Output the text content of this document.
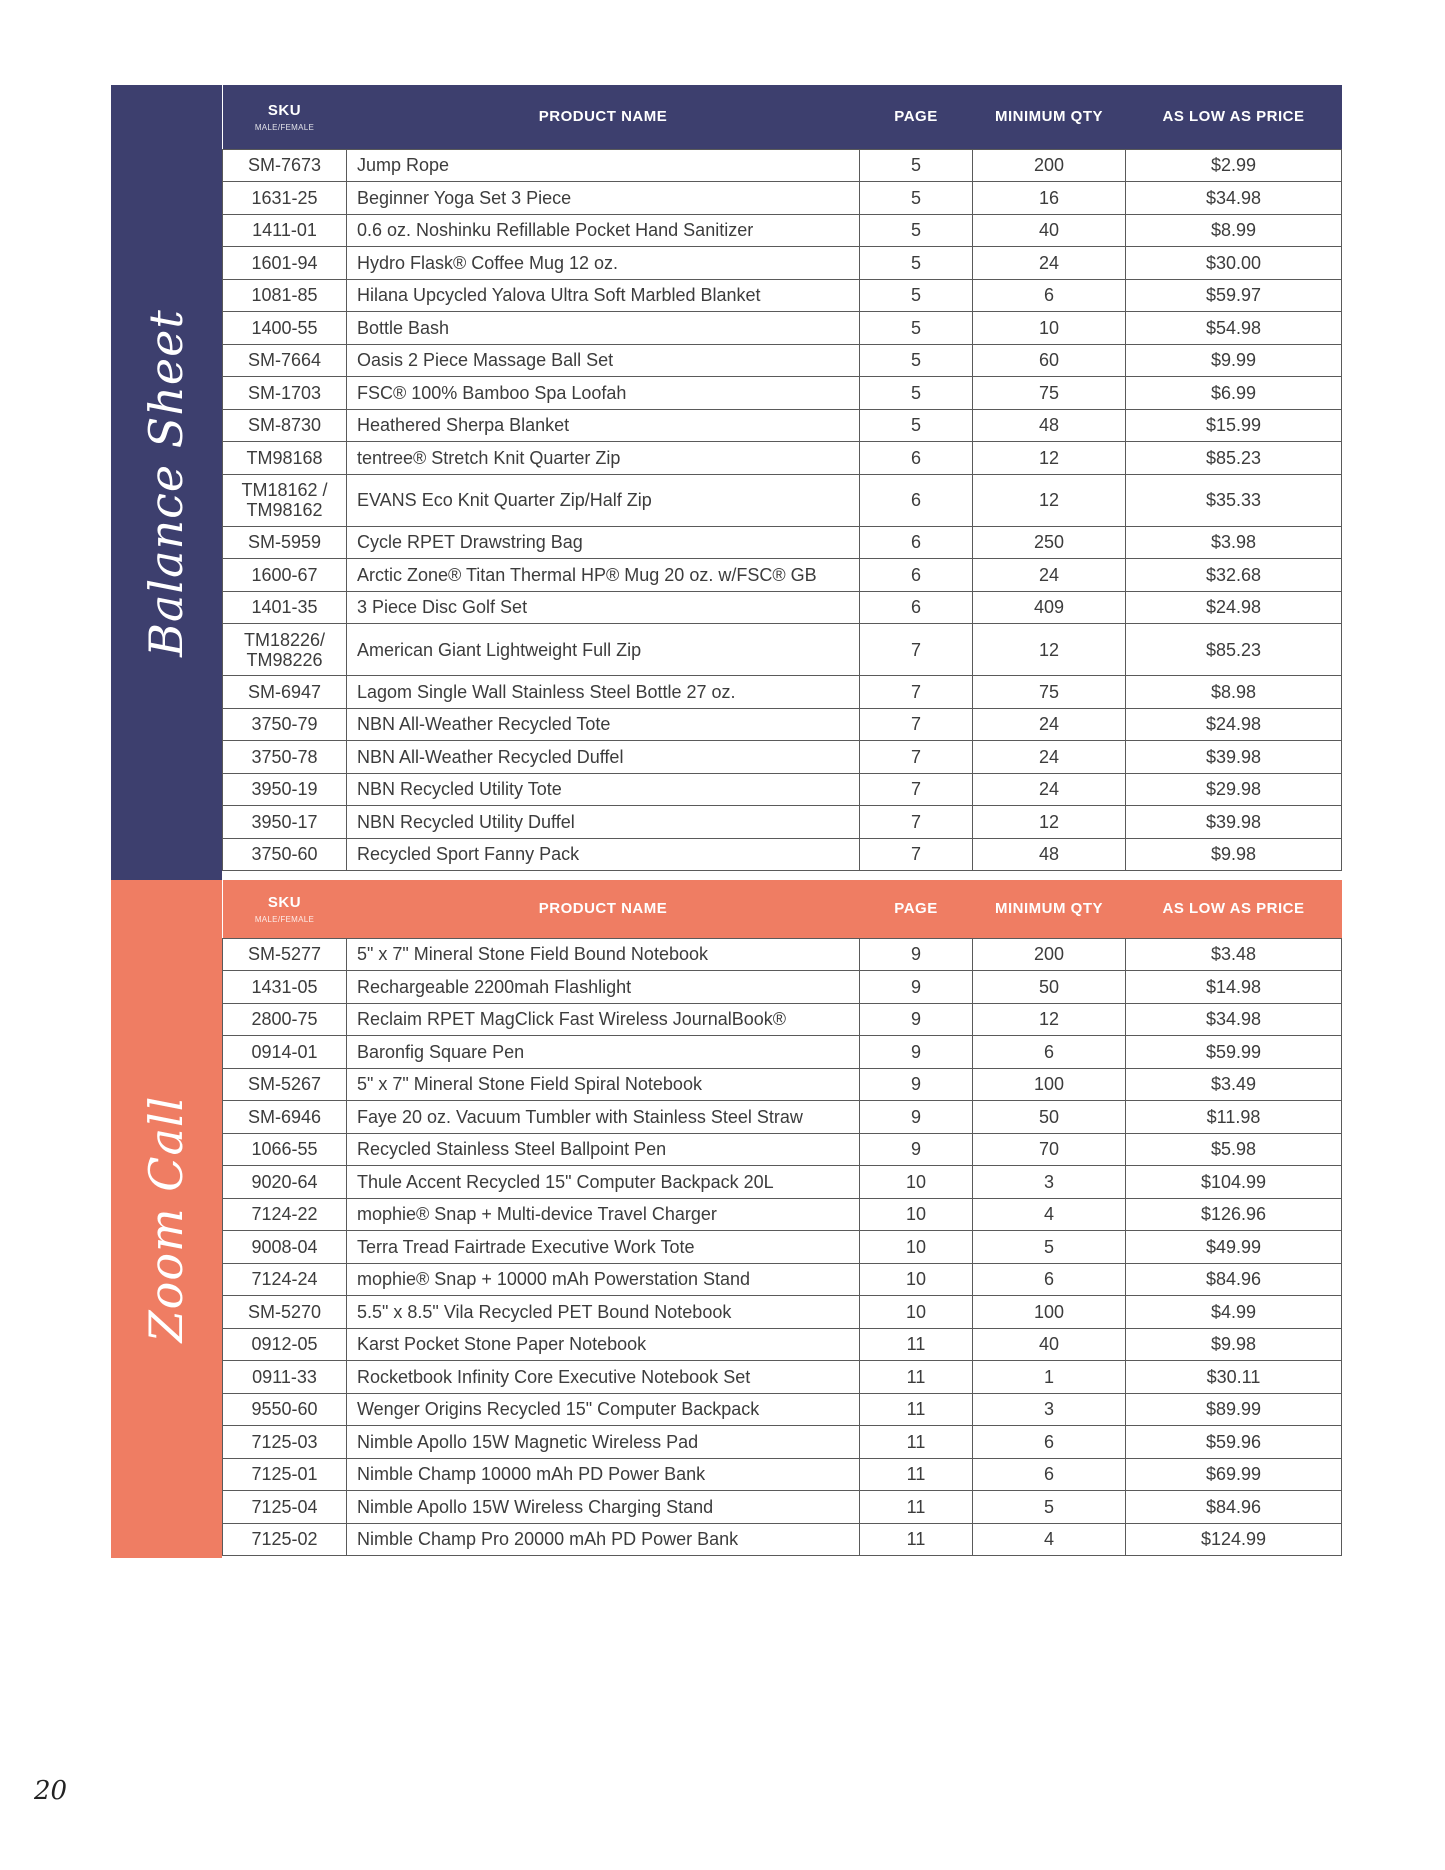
Balance Sheet
SKU
MALE/FEMALE	PRODUCT NAME	PAGE	MINIMUM QTY	AS LOW AS PRICE
SM-7673	Jump Rope	5	200	$2.99
1631-25	Beginner Yoga Set 3 Piece	5	16	$34.98
1411-01	0.6 oz. Noshinku Refillable Pocket Hand Sanitizer	5	40	$8.99
1601-94	Hydro Flask® Coffee Mug 12 oz.	5	24	$30.00
1081-85	Hilana Upcycled Yalova Ultra Soft Marbled Blanket	5	6	$59.97
1400-55	Bottle Bash	5	10	$54.98
SM-7664	Oasis 2 Piece Massage Ball Set	5	60	$9.99
SM-1703	FSC® 100% Bamboo Spa Loofah	5	75	$6.99
SM-8730	Heathered Sherpa Blanket	5	48	$15.99
TM98168	tentree® Stretch Knit Quarter Zip	6	12	$85.23
TM18162 / TM98162	EVANS Eco Knit Quarter Zip/Half Zip	6	12	$35.33
SM-5959	Cycle RPET Drawstring Bag	6	250	$3.98
1600-67	Arctic Zone® Titan Thermal HP® Mug 20 oz. w/FSC® GB	6	24	$32.68
1401-35	3 Piece Disc Golf Set	6	409	$24.98
TM18226/ TM98226	American Giant Lightweight Full Zip	7	12	$85.23
SM-6947	Lagom Single Wall Stainless Steel Bottle 27 oz.	7	75	$8.98
3750-79	NBN All-Weather Recycled Tote	7	24	$24.98
3750-78	NBN All-Weather Recycled Duffel	7	24	$39.98
3950-19	NBN Recycled Utility Tote	7	24	$29.98
3950-17	NBN Recycled Utility Duffel	7	12	$39.98
3750-60	Recycled Sport Fanny Pack	7	48	$9.98
Zoom Call
SKU
MALE/FEMALE	PRODUCT NAME	PAGE	MINIMUM QTY	AS LOW AS PRICE
SM-5277	5" x 7" Mineral Stone Field Bound Notebook	9	200	$3.48
1431-05	Rechargeable 2200mah Flashlight	9	50	$14.98
2800-75	Reclaim RPET MagClick Fast Wireless JournalBook®	9	12	$34.98
0914-01	Baronfig Square Pen	9	6	$59.99
SM-5267	5" x 7" Mineral Stone Field Spiral Notebook	9	100	$3.49
SM-6946	Faye 20 oz. Vacuum Tumbler with Stainless Steel Straw	9	50	$11.98
1066-55	Recycled Stainless Steel Ballpoint Pen	9	70	$5.98
9020-64	Thule Accent Recycled 15" Computer Backpack 20L	10	3	$104.99
7124-22	mophie® Snap + Multi-device Travel Charger	10	4	$126.96
9008-04	Terra Tread Fairtrade Executive Work Tote	10	5	$49.99
7124-24	mophie® Snap + 10000 mAh Powerstation Stand	10	6	$84.96
SM-5270	5.5" x 8.5" Vila Recycled PET Bound Notebook	10	100	$4.99
0912-05	Karst Pocket Stone Paper Notebook	11	40	$9.98
0911-33	Rocketbook Infinity Core Executive Notebook Set	11	1	$30.11
9550-60	Wenger Origins Recycled 15" Computer Backpack	11	3	$89.99
7125-03	Nimble Apollo 15W Magnetic Wireless Pad	11	6	$59.96
7125-01	Nimble Champ 10000 mAh PD Power Bank	11	6	$69.99
7125-04	Nimble Apollo 15W Wireless Charging Stand	11	5	$84.96
7125-02	Nimble Champ Pro 20000 mAh PD Power Bank	11	4	$124.99
20
